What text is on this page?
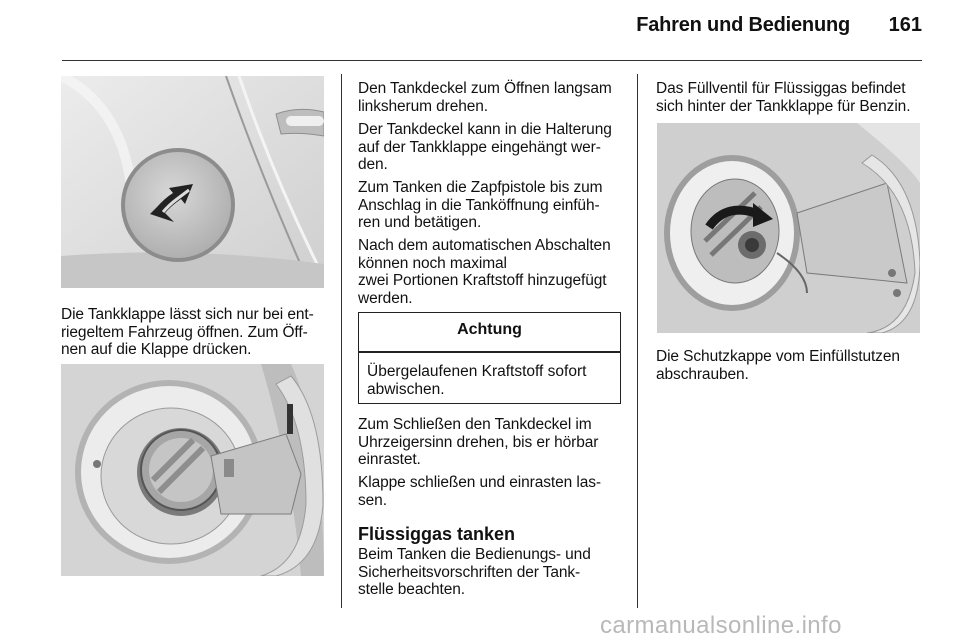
Fahren und Bedienung	161

Die Tankklappe lässt sich nur bei ent-
riegeltem Fahrzeug öffnen. Zum Öff-
nen auf die Klappe drücken.

Den Tankdeckel zum Öffnen langsam
linksherum drehen.

Der Tankdeckel kann in die Halterung
auf der Tankklappe eingehängt wer-
den.

Zum Tanken die Zapfpistole bis zum
Anschlag in die Tanköffnung einfüh-
ren und betätigen.

Nach dem automatischen Abschalten
können noch maximal
zwei Portionen Kraftstoff hinzugefügt
werden.

Achtung

Übergelaufenen Kraftstoff sofort
abwischen.

Zum Schließen den Tankdeckel im
Uhrzeigersinn drehen, bis er hörbar
einrastet.

Klappe schließen und einrasten las-
sen.

Flüssiggas tanken

Beim Tanken die Bedienungs- und
Sicherheitsvorschriften der Tank-
stelle beachten.

Das Füllventil für Flüssiggas befindet
sich hinter der Tankklappe für Benzin.

Die Schutzkappe vom Einfüllstutzen
abschrauben.

carmanualsonline.info
